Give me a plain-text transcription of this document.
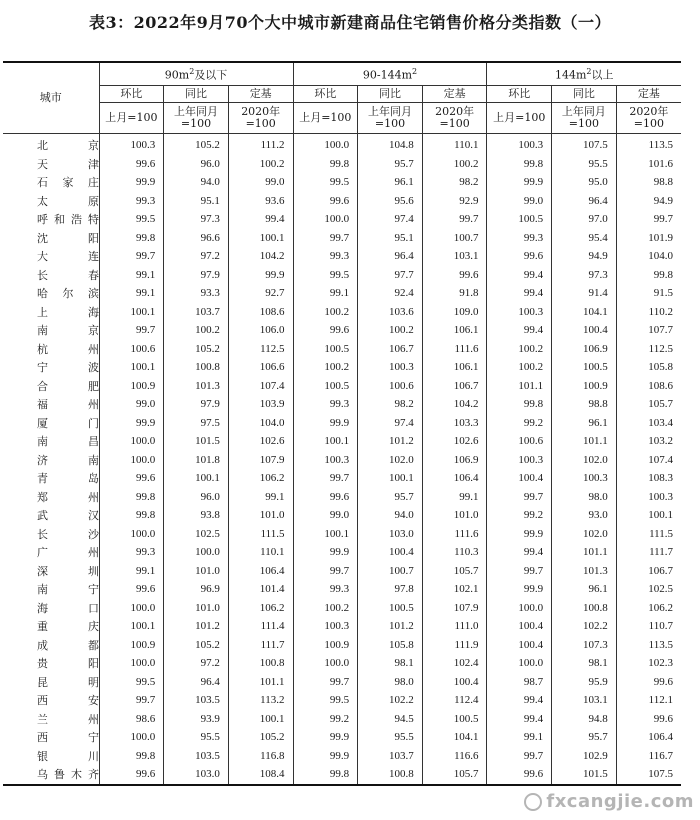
表3：2022年9月70个大中城市新建商品住宅销售价格分类指数（一）
城市	$90m^2$及以下			$90-144m^2$			$144m^2$以上		
	环比	同比	定基	环比	同比	定基	环比	同比	定基
	上月=100	上年同月=100	2020年=100	上月=100	上年同月=100	2020年=100	上月=100	上年同月=100	2020年=100
北京	100.3	105.2	111.2	100.0	104.8	110.1	100.3	107.5	113.5
天津	99.6	96.0	100.2	99.8	95.7	100.2	99.8	95.5	101.6
石家庄	99.9	94.0	99.0	99.5	96.1	98.2	99.9	95.0	98.8
太原	99.3	95.1	93.6	99.6	95.6	92.9	99.0	96.4	94.9
呼和浩特	99.5	97.3	99.4	100.0	97.4	99.7	100.5	97.0	99.7
沈阳	99.8	96.6	100.1	99.7	95.1	100.7	99.3	95.4	101.9
大连	99.7	97.2	104.2	99.3	96.4	103.1	99.6	94.9	104.0
长春	99.1	97.9	99.9	99.5	97.7	99.6	99.4	97.3	99.8
哈尔滨	99.1	93.3	92.7	99.1	92.4	91.8	99.4	91.4	91.5
上海	100.1	103.7	108.6	100.2	103.6	109.0	100.3	104.1	110.2
南京	99.7	100.2	106.0	99.6	100.2	106.1	99.4	100.4	107.7
杭州	100.6	105.2	112.5	100.5	106.7	111.6	100.2	106.9	112.5
宁波	100.1	100.8	106.6	100.2	100.3	106.1	100.2	100.5	105.8
合肥	100.9	101.3	107.4	100.5	100.6	106.7	101.1	100.9	108.6
福州	99.0	97.9	103.9	99.3	98.2	104.2	99.8	98.8	105.7
厦门	99.9	97.5	104.0	99.9	97.4	103.3	99.2	96.1	103.4
南昌	100.0	101.5	102.6	100.1	101.2	102.6	100.6	101.1	103.2
济南	100.0	101.8	107.9	100.3	102.0	106.9	100.3	102.0	107.4
青岛	99.6	100.1	106.2	99.7	100.1	106.4	100.4	100.3	108.3
郑州	99.8	96.0	99.1	99.6	95.7	99.1	99.7	98.0	100.3
武汉	99.8	93.8	101.0	99.0	94.0	101.0	99.2	93.0	100.1
长沙	100.0	102.5	111.5	100.1	103.0	111.6	99.9	102.0	111.5
广州	99.3	100.0	110.1	99.9	100.4	110.3	99.4	101.1	111.7
深圳	99.1	101.0	106.4	99.7	100.7	105.7	99.7	101.3	106.7
南宁	99.6	96.9	101.4	99.3	97.8	102.1	99.9	96.1	102.5
海口	100.0	101.0	106.2	100.2	100.5	107.9	100.0	100.8	106.2
重庆	100.1	101.2	111.4	100.3	101.2	111.0	100.4	102.2	110.7
成都	100.9	105.2	111.7	100.9	105.8	111.9	100.4	107.3	113.5
贵阳	100.0	97.2	100.8	100.0	98.1	102.4	100.0	98.1	102.3
昆明	99.5	96.4	101.1	99.7	98.0	100.4	98.7	95.9	99.6
西安	99.7	103.5	113.2	99.5	102.2	112.4	99.4	103.1	112.1
兰州	98.6	93.9	100.1	99.2	94.5	100.5	99.4	94.8	99.6
西宁	100.0	95.5	105.2	99.9	95.5	104.1	99.1	95.7	106.4
银川	99.8	103.5	116.8	99.9	103.7	116.6	99.7	102.9	116.7
乌鲁木齐	99.6	103.0	108.4	99.8	100.8	105.7	99.6	101.5	107.5
fxcangjie.com
